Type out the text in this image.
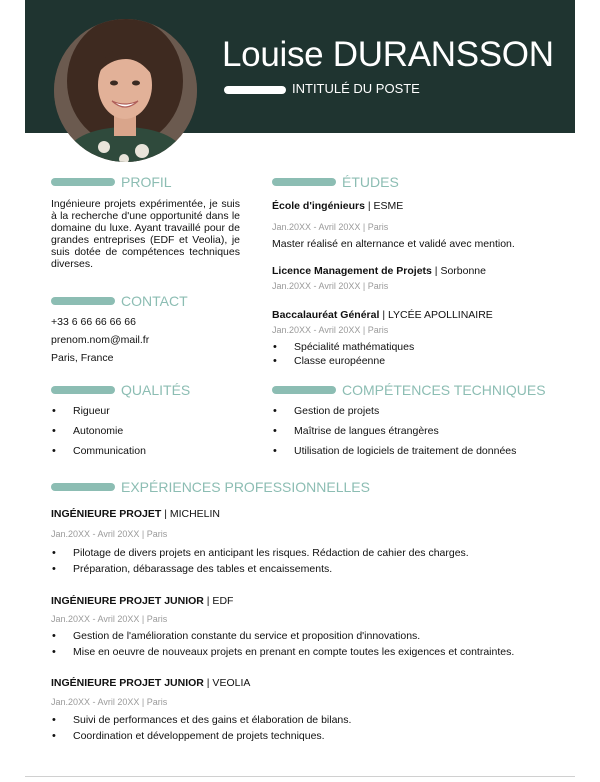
Louise DURANSSON
INTITULÉ DU POSTE
PROFIL
Ingénieure projets expérimentée, je suis à la recherche d'une opportunité dans le domaine du luxe. Ayant travaillé pour de grandes entreprises (EDF et Veolia), je suis dotée de compétences techniques diverses.
CONTACT
+33 6 66 66 66 66
prenom.nom@mail.fr
Paris, France
QUALITÉS
• Rigueur
• Autonomie
• Communication
ÉTUDES
École d'ingénieurs | ESME
Jan.20XX - Avril 20XX | Paris
Master réalisé en alternance et validé avec mention.
Licence Management de Projets | Sorbonne
Jan.20XX - Avril 20XX | Paris
Baccalauréat Général | LYCÉE APOLLINAIRE
Jan.20XX - Avril 20XX | Paris
• Spécialité mathématiques
• Classe européenne
COMPÉTENCES TECHNIQUES
• Gestion de projets
• Maîtrise de langues étrangères
• Utilisation de logiciels de traitement de données
EXPÉRIENCES PROFESSIONNELLES
INGÉNIEURE PROJET | MICHELIN
Jan.20XX - Avril 20XX | Paris
• Pilotage de divers projets en anticipant les risques. Rédaction de cahier des charges.
• Préparation, débarassage des tables et encaissements.
INGÉNIEURE PROJET JUNIOR | EDF
Jan.20XX - Avril 20XX | Paris
• Gestion de l'amélioration constante du service et proposition d'innovations.
• Mise en oeuvre de nouveaux projets en prenant en compte toutes les exigences et contraintes.
INGÉNIEURE PROJET JUNIOR | VEOLIA
Jan.20XX - Avril 20XX | Paris
• Suivi de performances et des gains et élaboration de bilans.
• Coordination et développement de projets techniques.
